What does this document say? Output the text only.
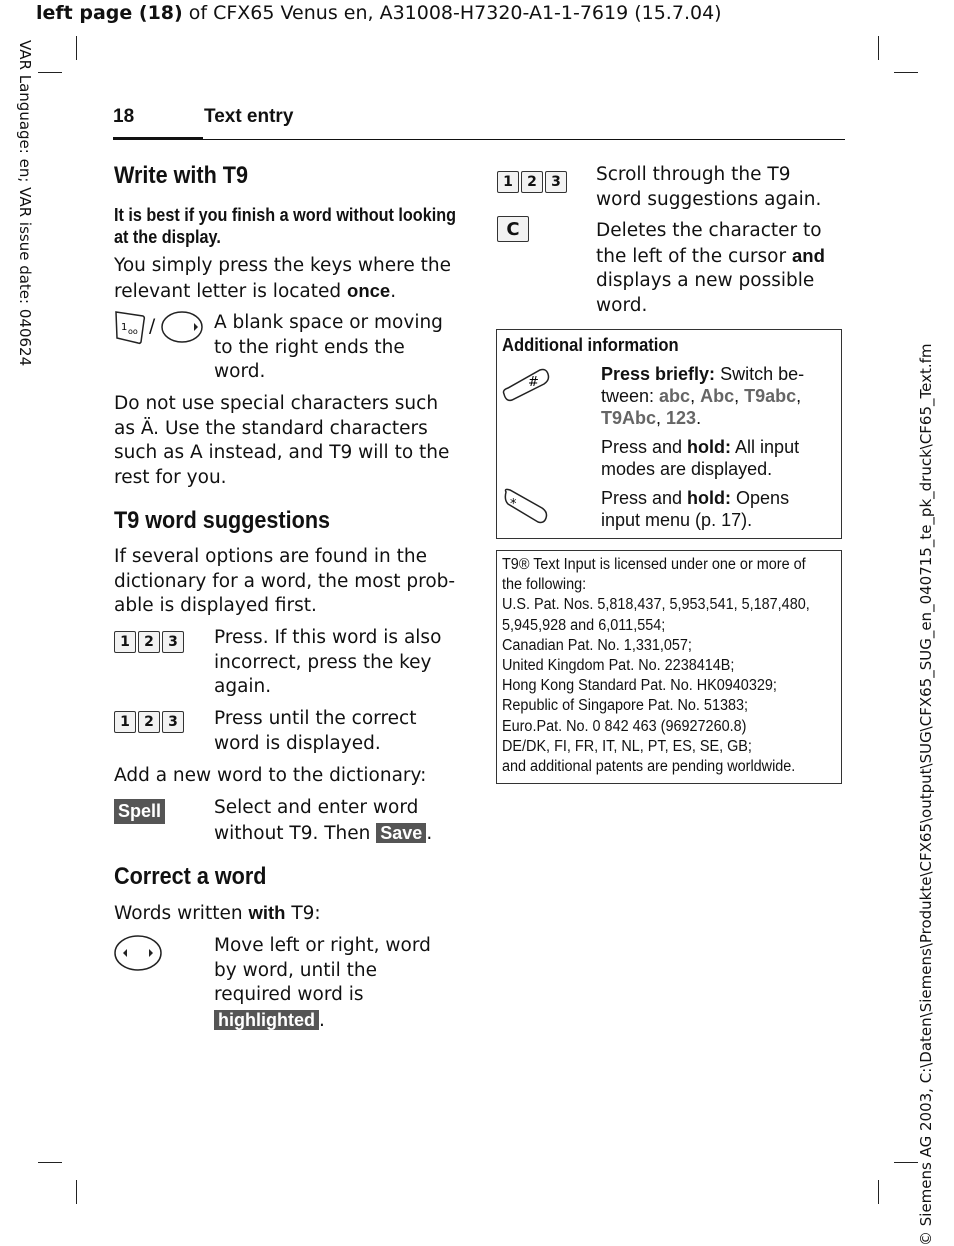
left page (18) of CFX65 Venus en, A31008-H7320-A1-1-7619 (15.7.04)
VAR Language: en; VAR issue date: 040624
© Siemens AG 2003, C:\Daten\Siemens\Produkte\CFX65\output\SUG\CFX65_SUG_en_040715_te_pk_druck\CF65_Text.fm
18	Text entry
Write with T9
It is best if you finish a word without looking at the display.
You simply press the keys where the relevant letter is located once.
1 oo /	A blank space or moving to the right ends the word.
Do not use special characters such as Ä. Use the standard characters such as A instead, and T9 will to the rest for you.
T9 word suggestions
If several options are found in the dictionary for a word, the most prob-able is displayed first.
1	2	3	Press. If this word is also incorrect, press the key again.
1	2	3	Press until the correct word is displayed.
Add a new word to the dictionary:
Spell	Select and enter word without T9. Then Save .
Correct a word
Words written with T9:
Move left or right, word by word, until the required word is highlighted .
1	2	3	Scroll through the T9 word suggestions again.
C	Deletes the character to the left of the cursor and displays a new possible word.
Additional information
#	Press briefly: Switch be-tween: abc, Abc, T9abc, T9Abc, 123.
Press and hold: All input modes are displayed.
*	Press and hold: Opens input menu (p. 17).
T9® Text Input is licensed under one or more of the following:
U.S. Pat. Nos. 5,818,437, 5,953,541, 5,187,480, 5,945,928 and 6,011,554;
Canadian Pat. No. 1,331,057;
United Kingdom Pat. No. 2238414B;
Hong Kong Standard Pat. No. HK0940329;
Republic of Singapore Pat. No. 51383;
Euro.Pat. No. 0 842 463 (96927260.8)
DE/DK, FI, FR, IT, NL, PT, ES, SE, GB;
and additional patents are pending worldwide.
